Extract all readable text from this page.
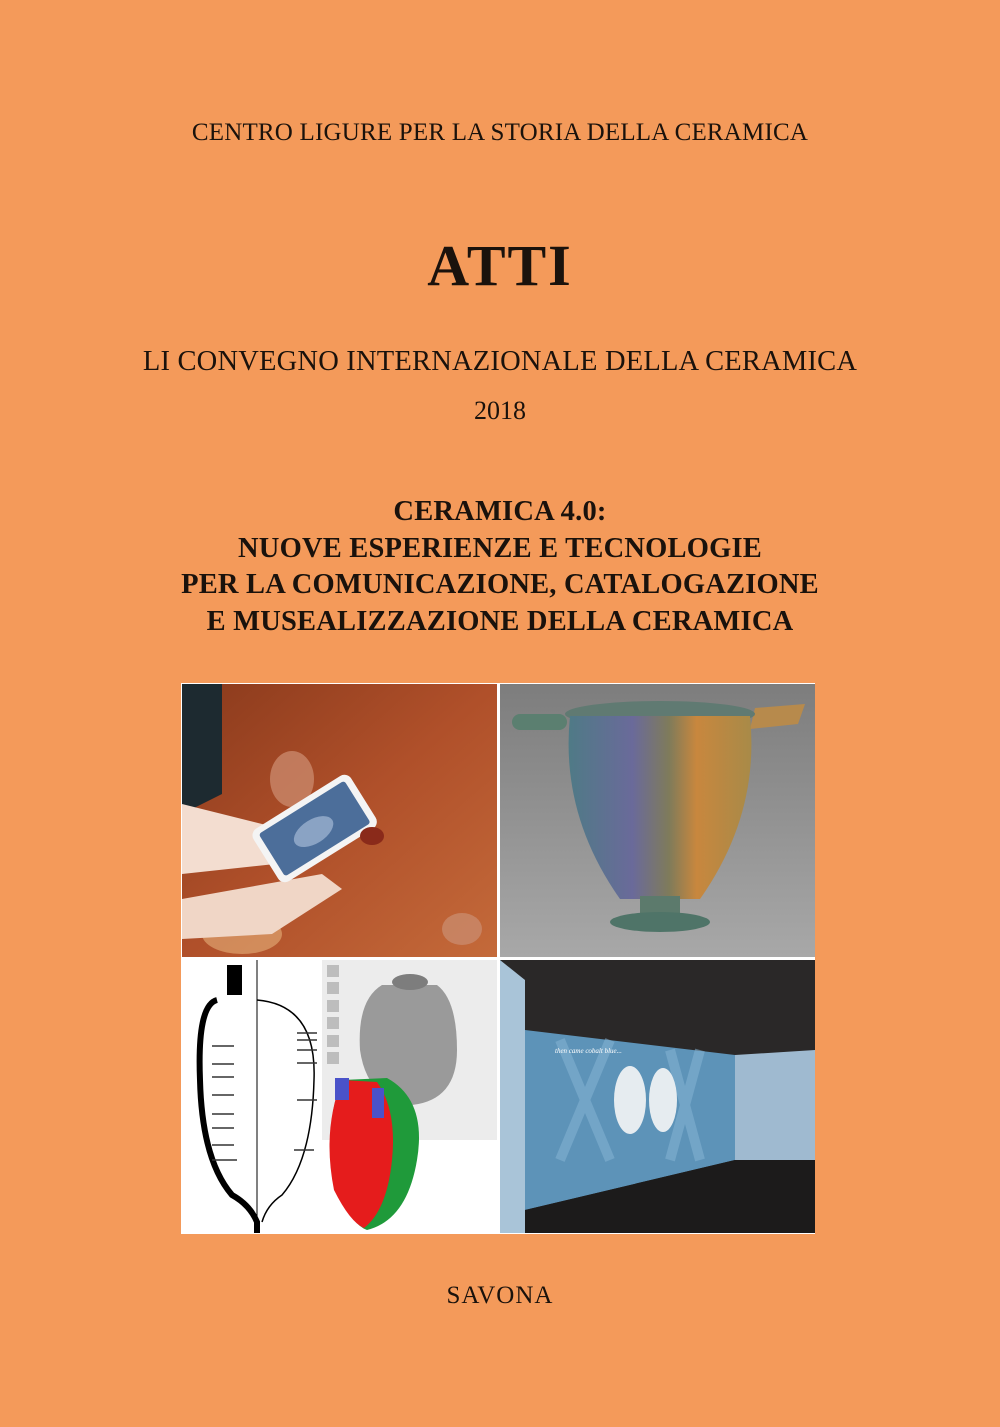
CENTRO LIGURE PER LA STORIA DELLA CERAMICA
ATTI
LI CONVEGNO INTERNAZIONALE DELLA CERAMICA
2018
CERAMICA 4.0:
NUOVE ESPERIENZE E TECNOLOGIE
PER LA COMUNICAZIONE, CATALOGAZIONE
E MUSEALIZZAZIONE DELLA CERAMICA
then came cobalt blue...
SAVONA
